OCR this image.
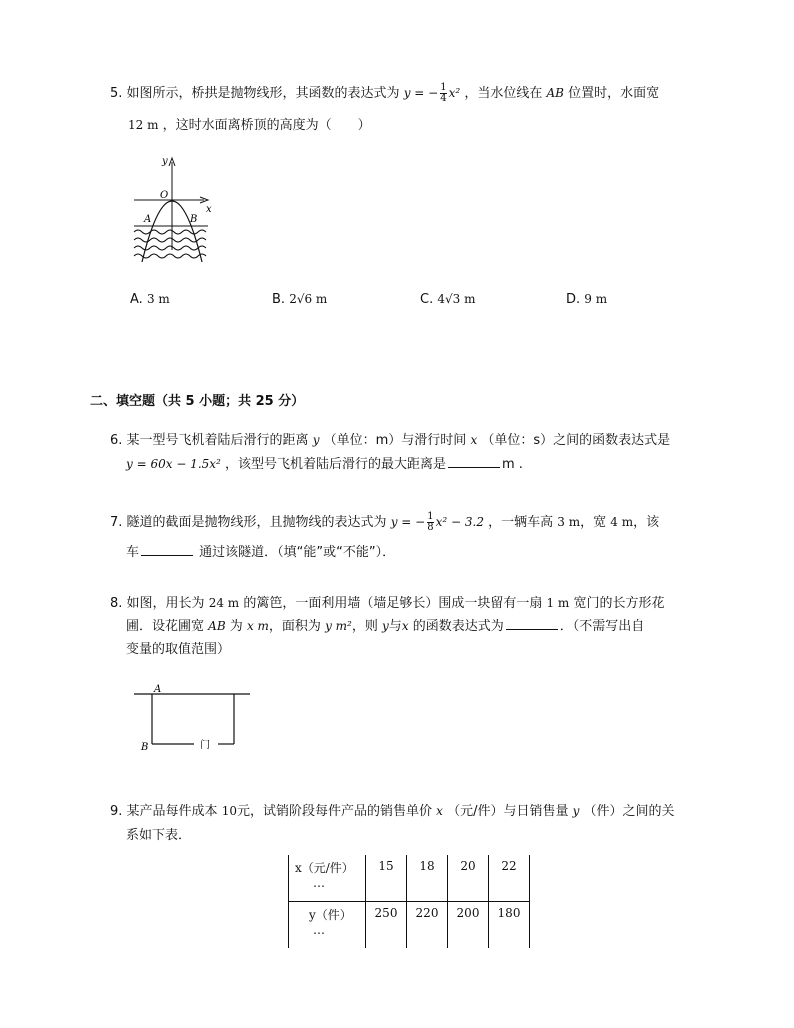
5. 如图所示，桥拱是抛物线形，其函数的表达式为 y = − $\frac{1}{4} x^2$ ，当水位线在 AB 位置时，水面宽
12 m ，这时水面离桥顶的高度为（ ）
y
x
O
A	B
A. 3 m	B. 2√6 m	C. 4√3 m	D. 9 m
二、填空题（共 5 小题；共 25 分）
6. 某一型号飞机着陆后滑行的距离 y （单位：m）与滑行时间 x （单位：s）之间的函数表达式是
y = 60x − 1.5x² ，该型号飞机着陆后滑行的最大距离是	m .
7. 隧道的截面是抛物线形，且抛物线的表达式为 y = − $\frac{1}{8} x^2 - 3.2$ ，一辆车高 3 m，宽 4 m，该
车	通过该隧道．（填“能”或“不能”）．
8. 如图，用长为 24 m 的篱笆，一面利用墙（墙足够长）围成一块留有一扇 1 m 宽门的长方形花
圃．设花圃宽 AB 为 x m，面积为 y m²，则 y与x 的函数表达式为	．（不需写出自
变量的取值范围）
A
B	门
9. 某产品每件成本 10元，试销阶段每件产品的销售单价 x （元/件）与日销售量 y （件）之间的关
系如下表．
x（元/件）
…	15	18	20	22
y（件）
…	250	220	200	180
